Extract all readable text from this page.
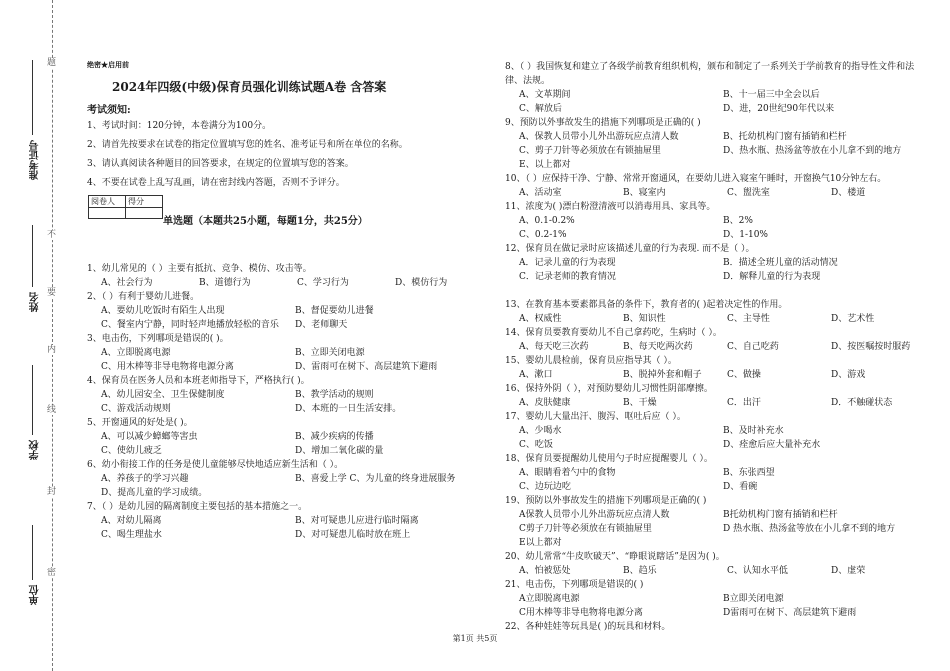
题
不
要
内
线
封
密
准考证号
姓名
学校
单位
绝密★启用前
2024年四级(中级)保育员强化训练试题A卷 含答案
考试须知:
1、考试时间：120分钟，本卷满分为100分。
2、请首先按要求在试卷的指定位置填写您的姓名、准考证号和所在单位的名称。
3、请认真阅读各种题目的回答要求，在规定的位置填写您的答案。
4、不要在试卷上乱写乱画，请在密封线内答题，否则不予评分。
阅卷人	得分

单选题（本题共25小题，每题1分，共25分）
1、幼儿常见的（ ）主要有抵抗、竞争、模仿、攻击等。
A、社会行为	B、道德行为	C、学习行为	D、模仿行为
2、（ ）有利于婴幼儿进餐。
A、要幼儿吃饭时有陌生人出现	B、督促要幼儿进餐
C、餐室内宁静，同时轻声地播放轻松的音乐	D、老师聊天
3、电击伤，下列哪项是错误的( )。
A、立即脱离电源	B、立即关闭电源
C、用木棒等非导电物将电源分离	D、雷雨可在树下、高层建筑下避雨
4、保育员在医务人员和本班老师指导下，严格执行( )。
A、幼儿园安全、卫生保健制度	B、教学活动的规则
C、游戏活动规则	D、本班的一日生活安排。
5、开窗通风的好处是( )。
A、可以减少蟑螂等害虫	B、减少疾病的传播
C、使幼儿疲乏	D、增加二氧化碳的量
6、幼小衔接工作的任务是使儿童能够尽快地适应新生活和（ ）。
A、养孩子的学习兴趣	B、喜爱上学 C、为儿童的终身进展服务
D、提高儿童的学习成绩。
7、（ ）是幼儿园的隔离制度主要包括的基本措施之一。
A、对幼儿隔离	B、对可疑患儿应进行临时隔离
C、喝生理盐水	D、对可疑患儿临时放在班上
8、（ ）我国恢复和建立了各级学前教育组织机构，颁布和制定了一系列关于学前教育的指导性文件和法律、法规。
A、文革期间	B、十一届三中全会以后
C、解放后	D、进，20世纪90年代以来
9、预防以外事故发生的措施下列哪项是正确的( )
A、保教人员带小儿外出游玩应点清人数	B、托幼机构门窗有插销和栏杆
C、剪子刀针等必须放在有锁抽屉里	D、热水瓶、热汤盆等放在小儿拿不到的地方
E、以上都对
10、（ ）应保持干净、宁静、常常开窗通风，在要幼儿进入寝室午睡时，开窗换气10分钟左右。
A、活动室	B、寝室内	C、盥洗室	D、楼道
11、浓度为( )漂白粉澄清液可以消毒用具、家具等。
A、0.1-0.2%	B、2%
C、0.2-1%	D、1-10%
12、保育员在做记录时应该描述儿童的行为表现. 而不是（ ）。
A．记录儿童的行为表现	B．描述全班儿童的活动情况
C．记录老师的教育情况	D．解释儿童的行为表现
13、在教育基本要素都具备的条件下，教育者的( )起着决定性的作用。
A、权威性	B、知识性	C、主导性	D、艺术性
14、保育员要教育要幼儿不自己拿药吃，生病时（ ）。
A、每天吃三次药	B、每天吃两次药	C、自己吃药	D、按医嘱按时服药
15、婴幼儿晨检前，保育员应指导其（ ）。
A、漱口	B、脱掉外套和帽子	C、做操	D、游戏
16、保持外阴（ ），对预防婴幼儿习惯性阴部摩擦。
A、皮肤健康	B、干燥	C．出汗	D．不触碰状态
17、婴幼儿大量出汗、腹泻、呕吐后应（ ）。
A、少喝水	B、及时补充水
C、吃饭	D、痊愈后应大量补充水
18、保育员要提醒幼儿使用勺子时应提醒婴儿（ ）。
A、眼睛看着勺中的食物	B、东张西望
C、边玩边吃	D、看碗
19、预防以外事故发生的措施下列哪项是正确的( )
A保教人员带小儿外出游玩应点清人数	B托幼机构门窗有插销和栏杆
C剪子刀针等必须放在有锁抽屉里	D 热水瓶、热汤盆等放在小儿拿不到的地方
E以上都对
20、幼儿常常“牛皮吹破天”、“睁眼说瞎话”是因为( )。
A、怕被惩处	B、趋乐	C、认知水平低	D、虚荣
21、电击伤，下列哪项是错误的( )
A立即脱离电源	B立即关闭电源
C用木棒等非导电物将电源分离	D雷雨可在树下、高层建筑下避雨
22、各种娃娃等玩具是( )的玩具和材料。
第1页 共5页
